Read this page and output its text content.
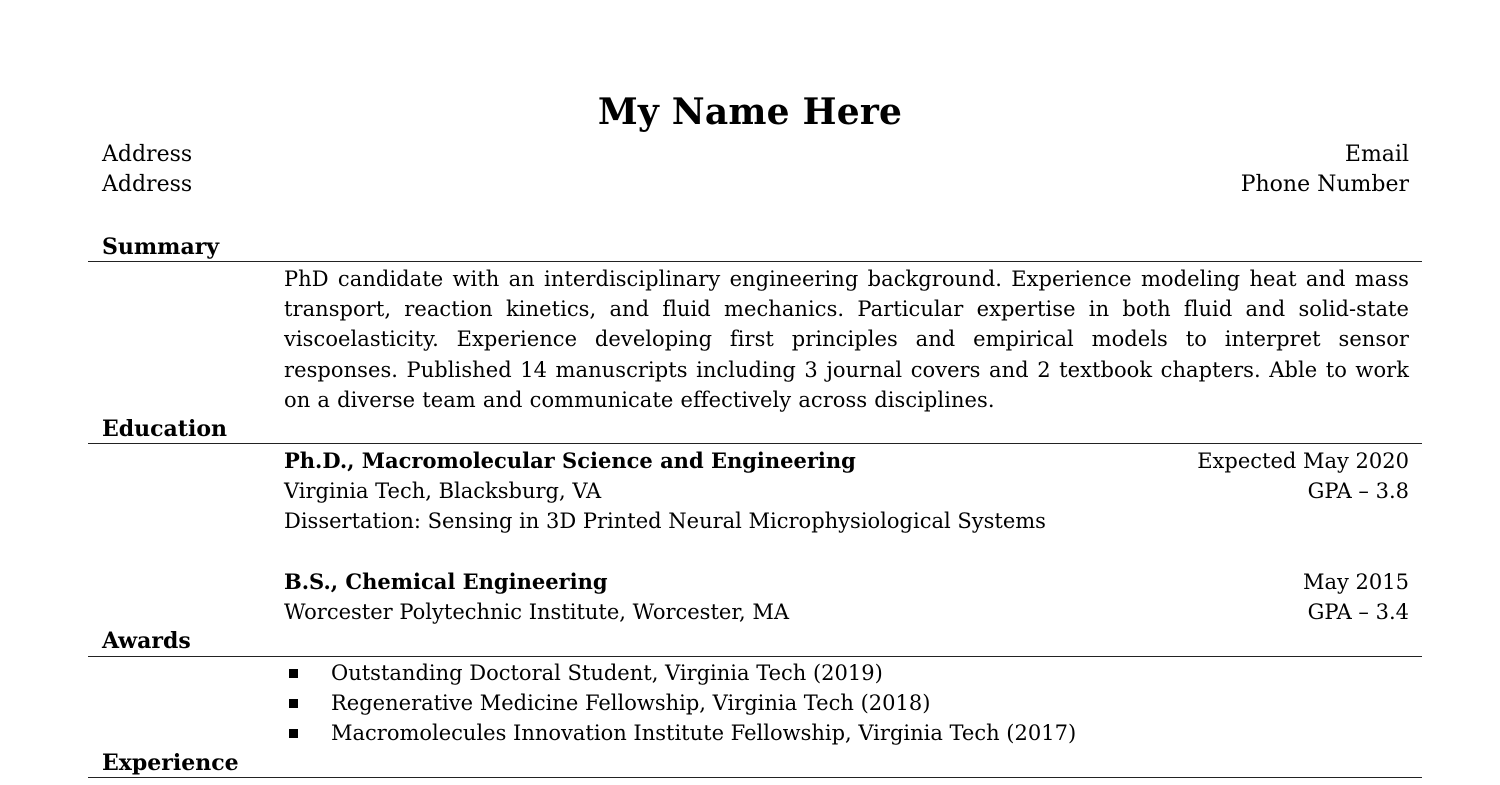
My Name Here
Address
Address
Email
Phone Number
Summary
PhD candidate with an interdisciplinary engineering background. Experience modeling heat and mass transport, reaction kinetics, and fluid mechanics. Particular expertise in both fluid and solid-state viscoelasticity. Experience developing first principles and empirical models to interpret sensor responses. Published 14 manuscripts including 3 journal covers and 2 textbook chapters. Able to work on a diverse team and communicate effectively across disciplines.
Education
Ph.D., Macromolecular Science and Engineering	Expected May 2020
Virginia Tech, Blacksburg, VA	GPA – 3.8
Dissertation: Sensing in 3D Printed Neural Microphysiological Systems
B.S., Chemical Engineering	May 2015
Worcester Polytechnic Institute, Worcester, MA	GPA – 3.4
Awards
Outstanding Doctoral Student, Virginia Tech (2019)
Regenerative Medicine Fellowship, Virginia Tech (2018)
Macromolecules Innovation Institute Fellowship, Virginia Tech (2017)
Experience
